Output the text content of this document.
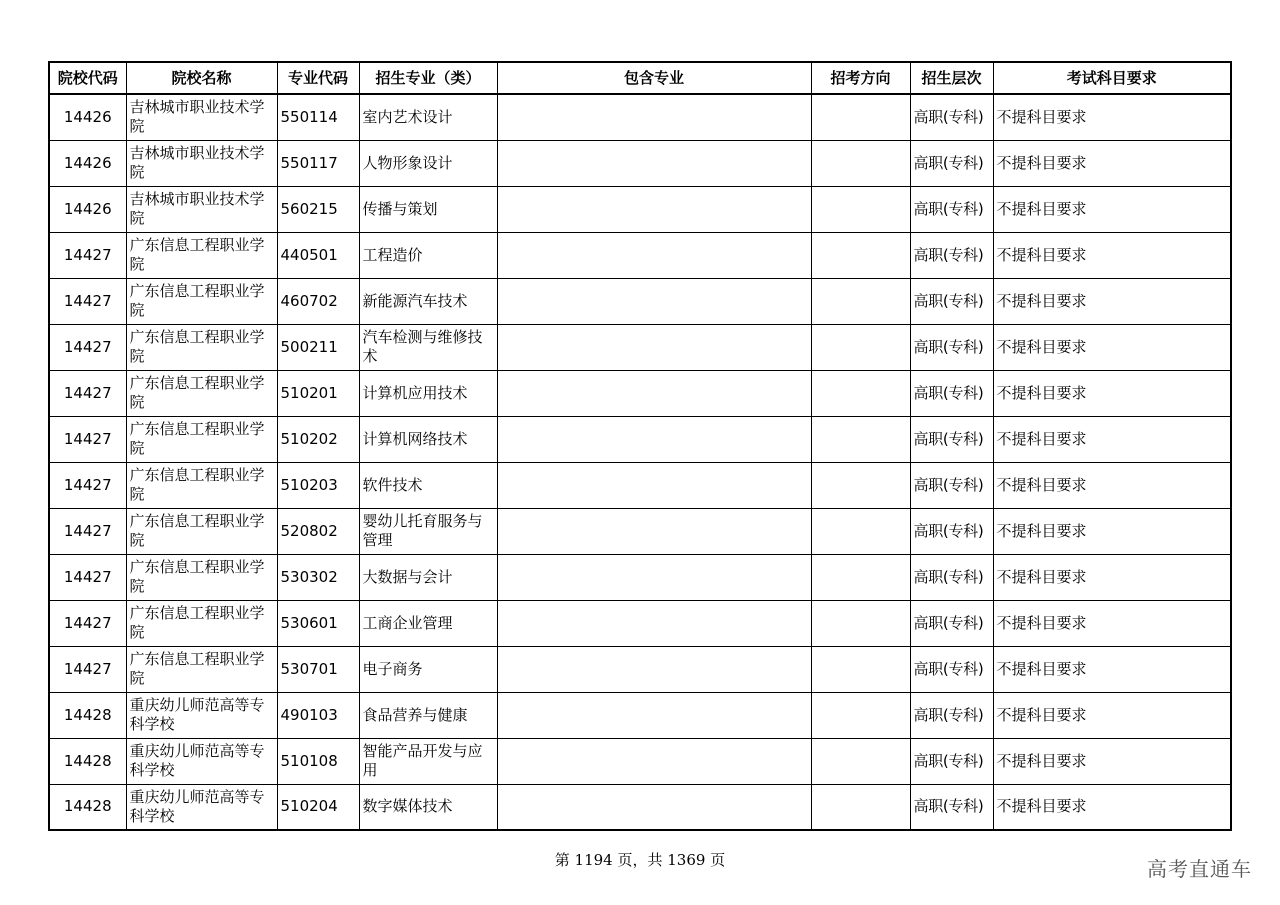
院校代码	院校名称	专业代码	招生专业（类）	包含专业	招考方向	招生层次	考试科目要求
14426	吉林城市职业技术学院	550114	室内艺术设计			高职(专科)	不提科目要求
14426	吉林城市职业技术学院	550117	人物形象设计			高职(专科)	不提科目要求
14426	吉林城市职业技术学院	560215	传播与策划			高职(专科)	不提科目要求
14427	广东信息工程职业学院	440501	工程造价			高职(专科)	不提科目要求
14427	广东信息工程职业学院	460702	新能源汽车技术			高职(专科)	不提科目要求
14427	广东信息工程职业学院	500211	汽车检测与维修技术			高职(专科)	不提科目要求
14427	广东信息工程职业学院	510201	计算机应用技术			高职(专科)	不提科目要求
14427	广东信息工程职业学院	510202	计算机网络技术			高职(专科)	不提科目要求
14427	广东信息工程职业学院	510203	软件技术			高职(专科)	不提科目要求
14427	广东信息工程职业学院	520802	婴幼儿托育服务与管理			高职(专科)	不提科目要求
14427	广东信息工程职业学院	530302	大数据与会计			高职(专科)	不提科目要求
14427	广东信息工程职业学院	530601	工商企业管理			高职(专科)	不提科目要求
14427	广东信息工程职业学院	530701	电子商务			高职(专科)	不提科目要求
14428	重庆幼儿师范高等专科学校	490103	食品营养与健康			高职(专科)	不提科目要求
14428	重庆幼儿师范高等专科学校	510108	智能产品开发与应用			高职(专科)	不提科目要求
14428	重庆幼儿师范高等专科学校	510204	数字媒体技术			高职(专科)	不提科目要求
第 1194 页，共 1369 页	高考直通车
